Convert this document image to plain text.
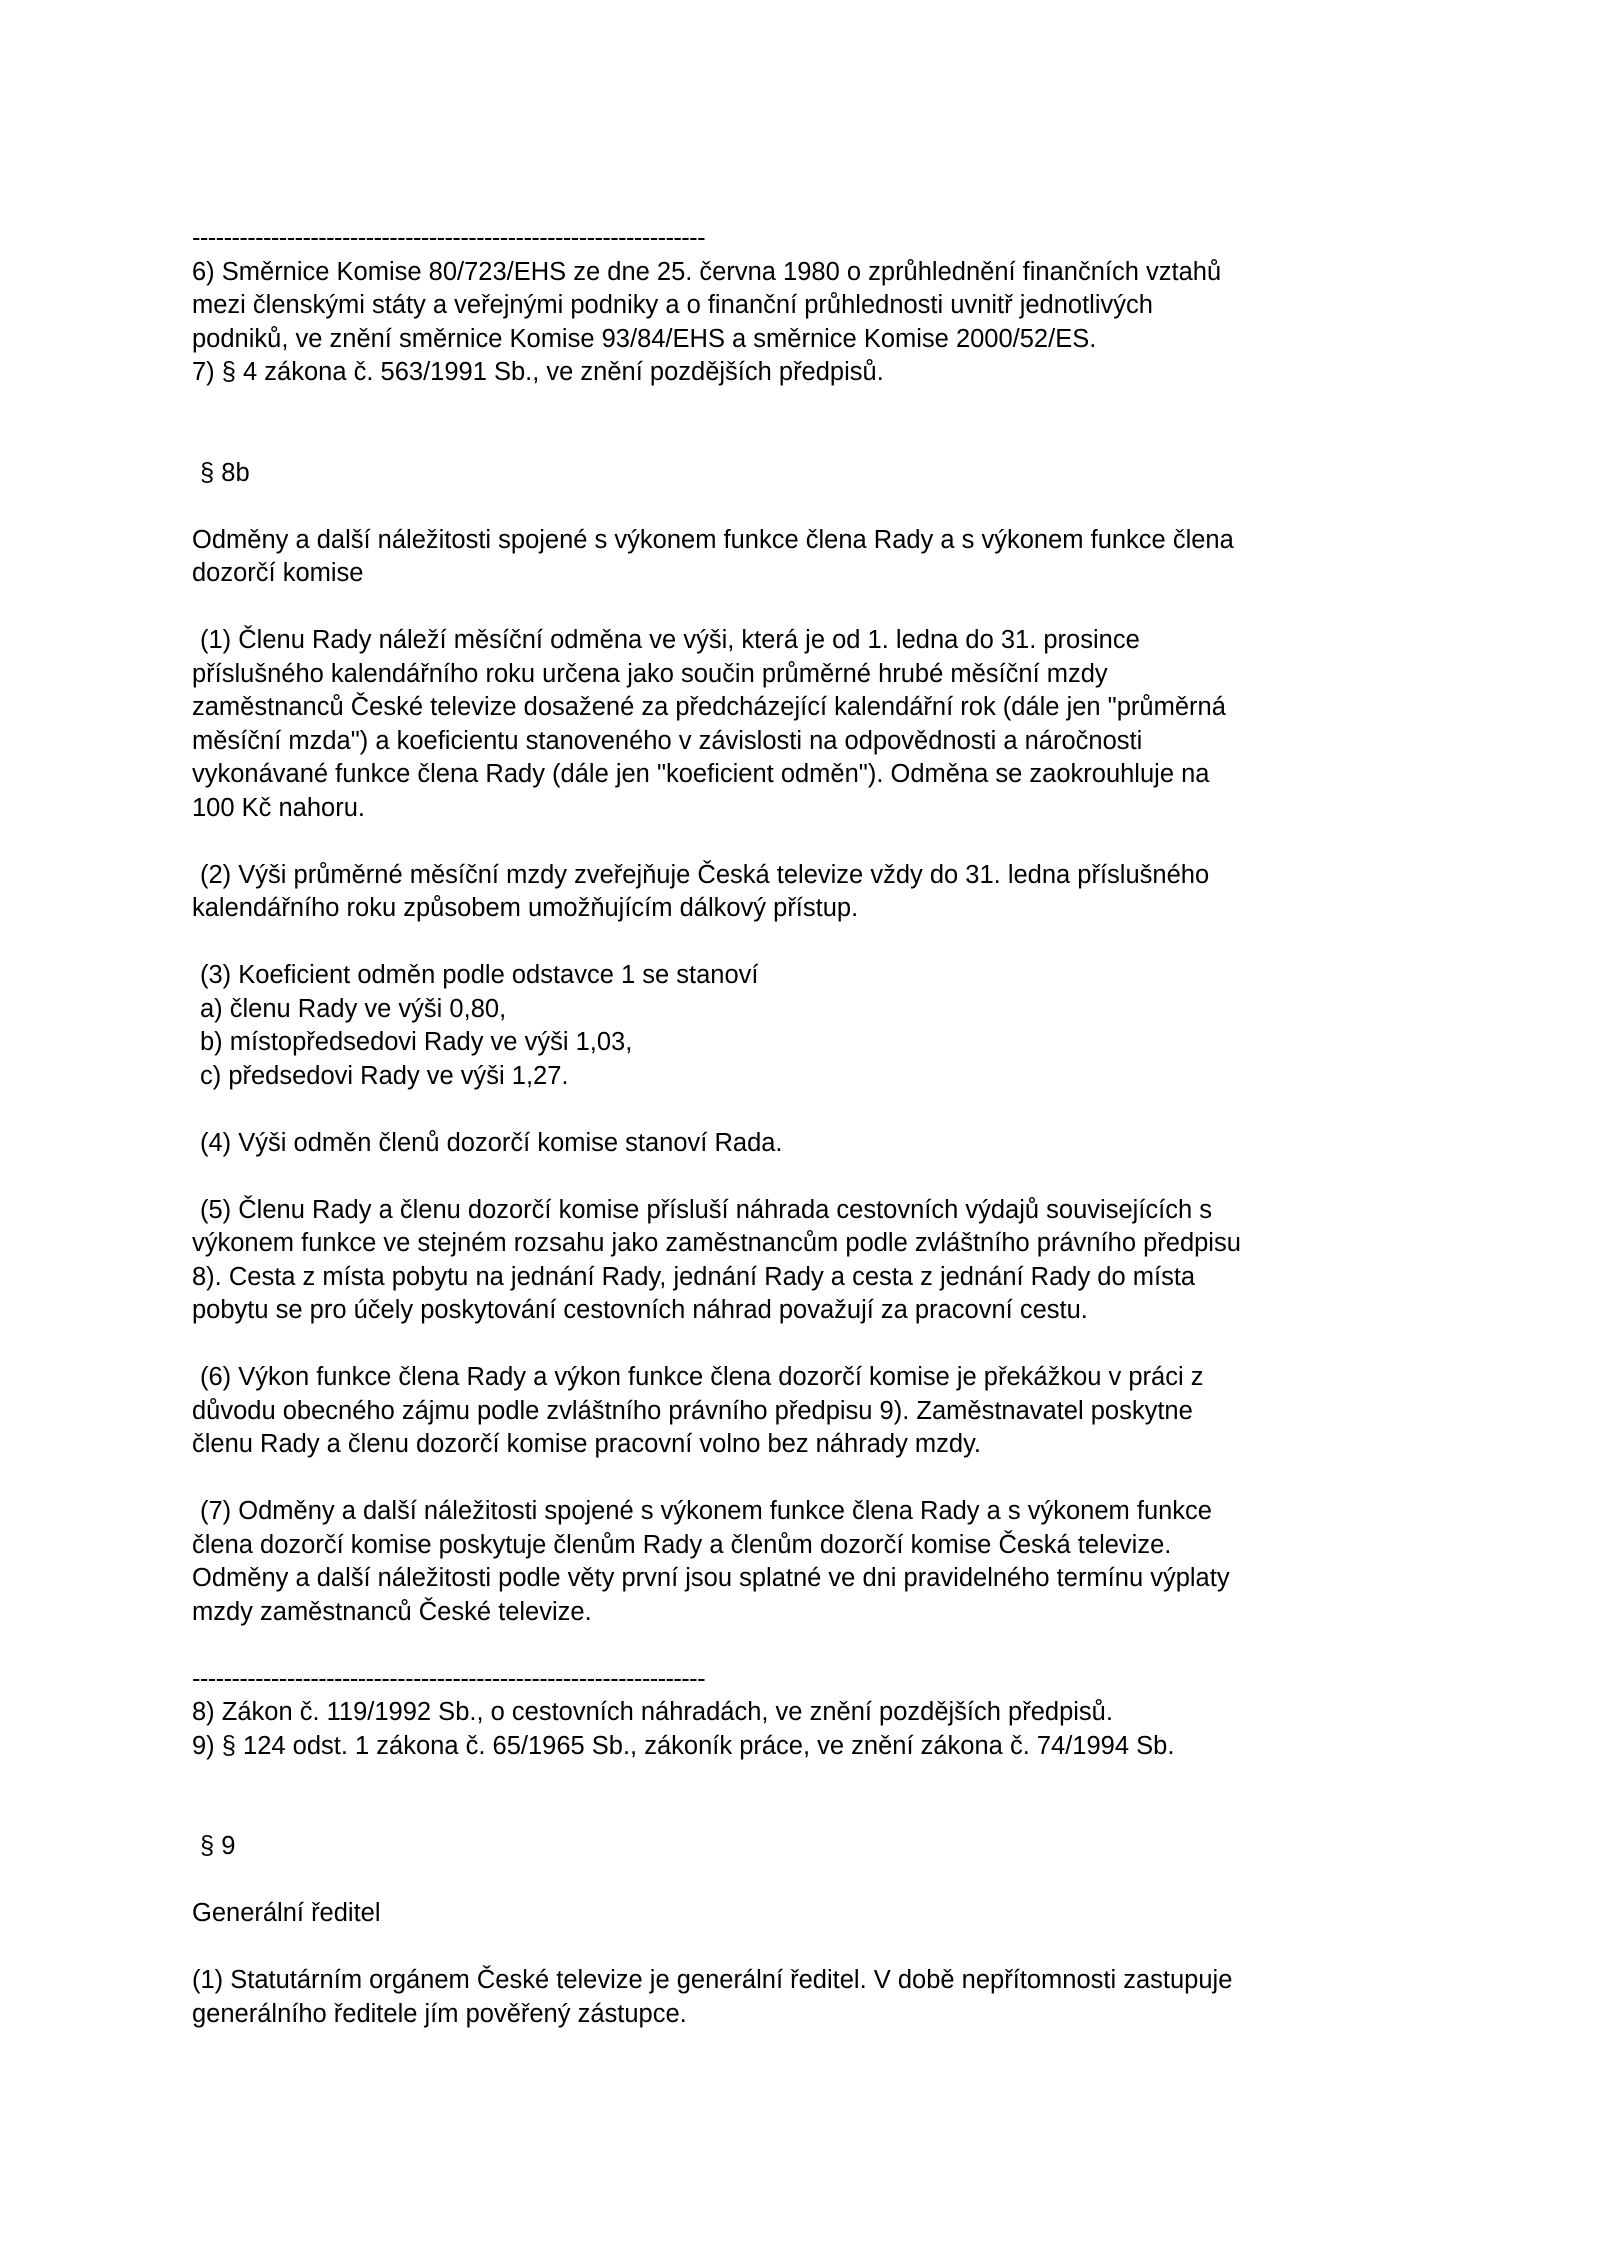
-----------------------------------------------------------------
6) Směrnice Komise 80/723/EHS ze dne 25. června 1980 o zprůhlednění finančních vztahů
mezi členskými státy a veřejnými podniky a o finanční průhlednosti uvnitř jednotlivých
podniků, ve znění směrnice Komise 93/84/EHS a směrnice Komise 2000/52/ES.
7) § 4 zákona č. 563/1991 Sb., ve znění pozdějších předpisů.
§ 8b
Odměny a další náležitosti spojené s výkonem funkce člena Rady a s výkonem funkce člena
dozorčí komise
(1) Členu Rady náleží měsíční odměna ve výši, která je od 1. ledna do 31. prosince
příslušného kalendářního roku určena jako součin průměrné hrubé měsíční mzdy
zaměstnanců České televize dosažené za předcházející kalendářní rok (dále jen "průměrná
měsíční mzda") a koeficientu stanoveného v závislosti na odpovědnosti a náročnosti
vykonávané funkce člena Rady (dále jen "koeficient odměn"). Odměna se zaokrouhluje na
100 Kč nahoru.
(2) Výši průměrné měsíční mzdy zveřejňuje Česká televize vždy do 31. ledna příslušného
kalendářního roku způsobem umožňujícím dálkový přístup.
(3) Koeficient odměn podle odstavce 1 se stanoví
a) členu Rady ve výši 0,80,
b) místopředsedovi Rady ve výši 1,03,
c) předsedovi Rady ve výši 1,27.
(4) Výši odměn členů dozorčí komise stanoví Rada.
(5) Členu Rady a členu dozorčí komise přísluší náhrada cestovních výdajů souvisejících s
výkonem funkce ve stejném rozsahu jako zaměstnancům podle zvláštního právního předpisu
8). Cesta z místa pobytu na jednání Rady, jednání Rady a cesta z jednání Rady do místa
pobytu se pro účely poskytování cestovních náhrad považují za pracovní cestu.
(6) Výkon funkce člena Rady a výkon funkce člena dozorčí komise je překážkou v práci z
důvodu obecného zájmu podle zvláštního právního předpisu 9). Zaměstnavatel poskytne
členu Rady a členu dozorčí komise pracovní volno bez náhrady mzdy.
(7) Odměny a další náležitosti spojené s výkonem funkce člena Rady a s výkonem funkce
člena dozorčí komise poskytuje členům Rady a členům dozorčí komise Česká televize.
Odměny a další náležitosti podle věty první jsou splatné ve dni pravidelného termínu výplaty
mzdy zaměstnanců České televize.
-----------------------------------------------------------------
8) Zákon č. 119/1992 Sb., o cestovních náhradách, ve znění pozdějších předpisů.
9) § 124 odst. 1 zákona č. 65/1965 Sb., zákoník práce, ve znění zákona č. 74/1994 Sb.
§ 9
Generální ředitel
(1) Statutárním orgánem České televize je generální ředitel. V době nepřítomnosti zastupuje
generálního ředitele jím pověřený zástupce.
